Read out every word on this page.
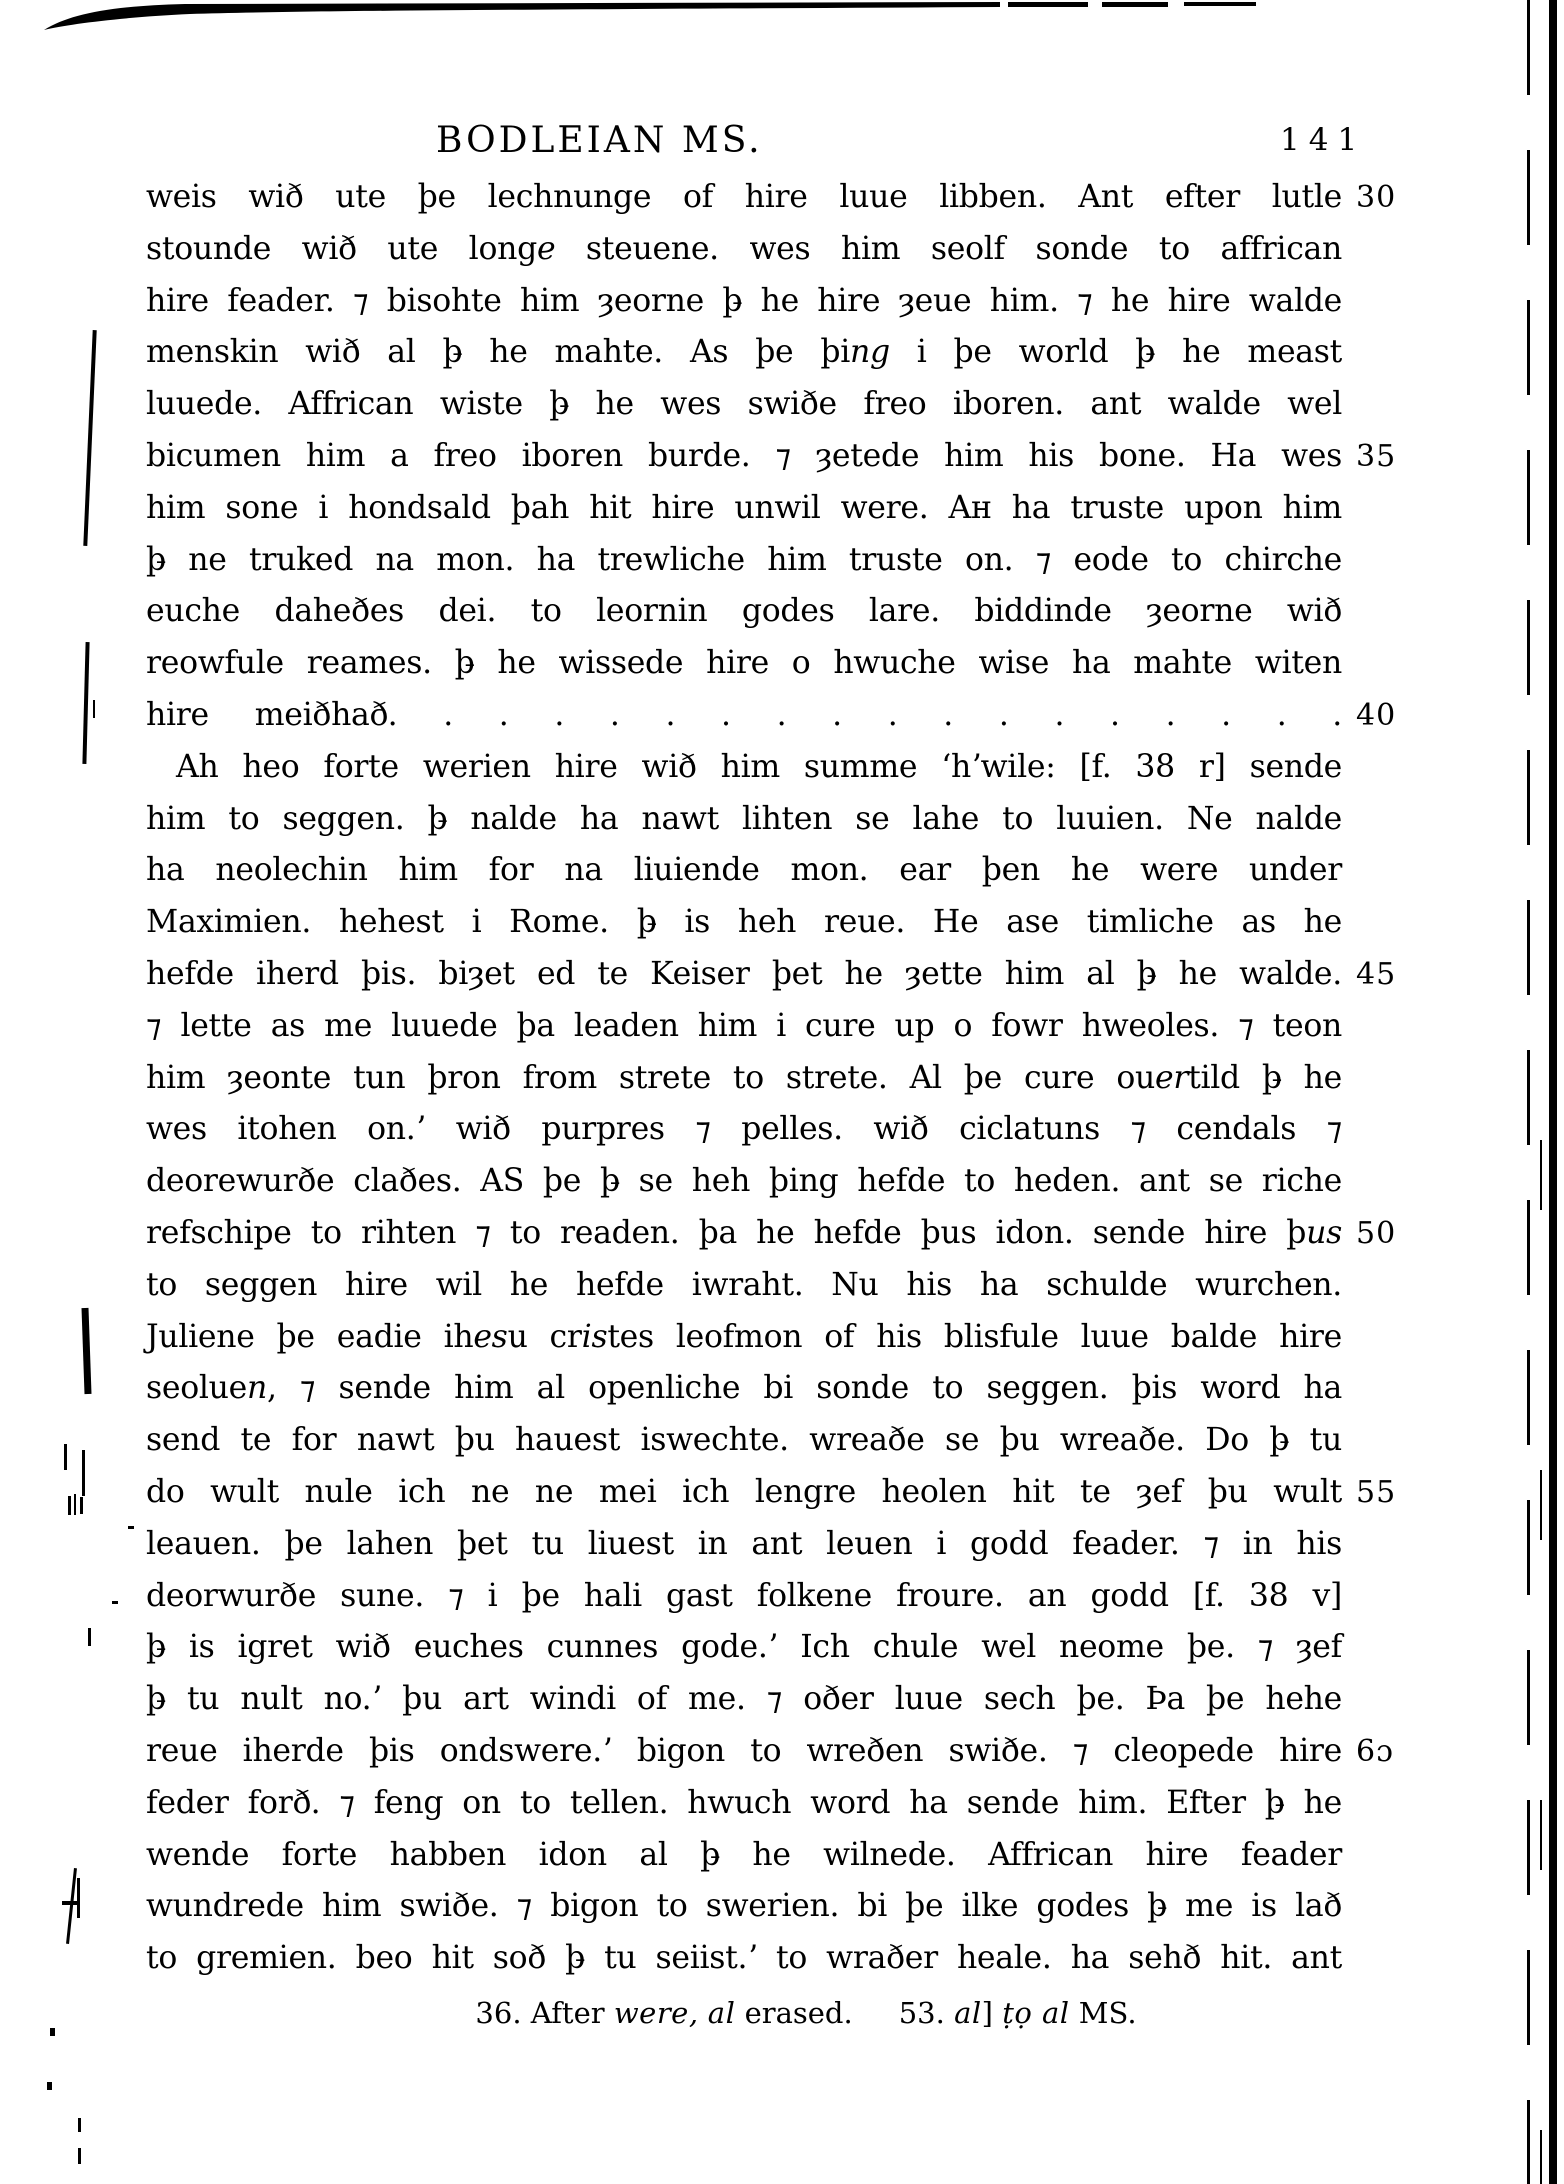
BODLEIAN MS.	141
weis wið ute þe lechnunge of hire luue libben. Ant efter lutle 30
stounde wið ute longe steuene. wes him seolf sonde to affrican
hire feader. ⁊ bisohte him ȝeorne þ̵ he hire ȝeue him. ⁊ he hire walde
menskin wið al þ̵ he mahte. As þe þing i þe world þ̵ he meast
luuede. Affrican wiste þ̵ he wes swiðe freo iboren. ant walde wel
bicumen him a freo iboren burde. ⁊ ȝetede him his bone. Ha wes 35
him sone i hondsald þah hit hire unwil were. Aʜ ha truste upon him
þ̵ ne truked na mon. ha trewliche him truste on. ⁊ eode to chirche
euche daheðes dei. to leornin godes lare. biddinde ȝeorne wið
reowfule reames. þ̵ he wissede hire o hwuche wise ha mahte witen
hire meiðhað. . . . . . . . . . . . . . . . . . 40
Ah heo forte werien hire wið him summe ʻhʼwile: [f. 38 r] sende
him to seggen. þ̵ nalde ha nawt lihten se lahe to luuien. Ne nalde
ha neolechin him for na liuiende mon. ear þen he were under
Maximien. hehest i Rome. þ̵ is heh reue. He ase timliche as he
hefde iherd þis. biȝet ed te Keiser þet he ȝette him al þ̵ he walde. 45
⁊ lette as me luuede þa leaden him i cure up o fowr hweoles. ⁊ teon
him ȝeonte tun þron from strete to strete. Al þe cure ouertild þ̵ he
wes itohen on.ʼ wið purpres ⁊ pelles. wið ciclatuns ⁊ cendals ⁊
deorewurðe claðes. AS þe þ̵ se heh þing hefde to heden. ant se riche
refschipe to rihten ⁊ to readen. þa he hefde þus idon. sende hire þus 50
to seggen hire wil he hefde iwraht. Nu his ha schulde wurchen.
Juliene þe eadie ihesu cristes leofmon of his blisfule luue balde hire
seoluen, ⁊ sende him al openliche bi sonde to seggen. þis word ha
send te for nawt þu hauest iswechte. wreaðe se þu wreaðe. Do þ̵ tu
do wult nule ich ne ne mei ich lengre heolen hit te ȝef þu wult 55
leauen. þe lahen þet tu liuest in ant leuen i godd feader. ⁊ in his
deorwurðe sune. ⁊ i þe hali gast folkene froure. an godd [f. 38 v]
þ̵ is igret wið euches cunnes gode.ʼ Ich chule wel neome þe. ⁊ ȝef
þ̵ tu nult no.ʼ þu art windi of me. ⁊ oðer luue sech þe. Þa þe hehe
reue iherde þis ondswere.ʼ bigon to wreðen swiðe. ⁊ cleopede hire 6ɔ
feder forð. ⁊ feng on to tellen. hwuch word ha sende him. Efter þ̵ he
wende forte habben idon al þ̵ he wilnede. Affrican hire feader
wundrede him swiðe. ⁊ bigon to swerien. bi þe ilke godes þ̵ me is lað
to gremien. beo hit soð þ̵ tu seiist.ʼ to wraðer heale. ha sehð hit. ant
36. After were, al erased. 53. al] ṭọ al MS.
